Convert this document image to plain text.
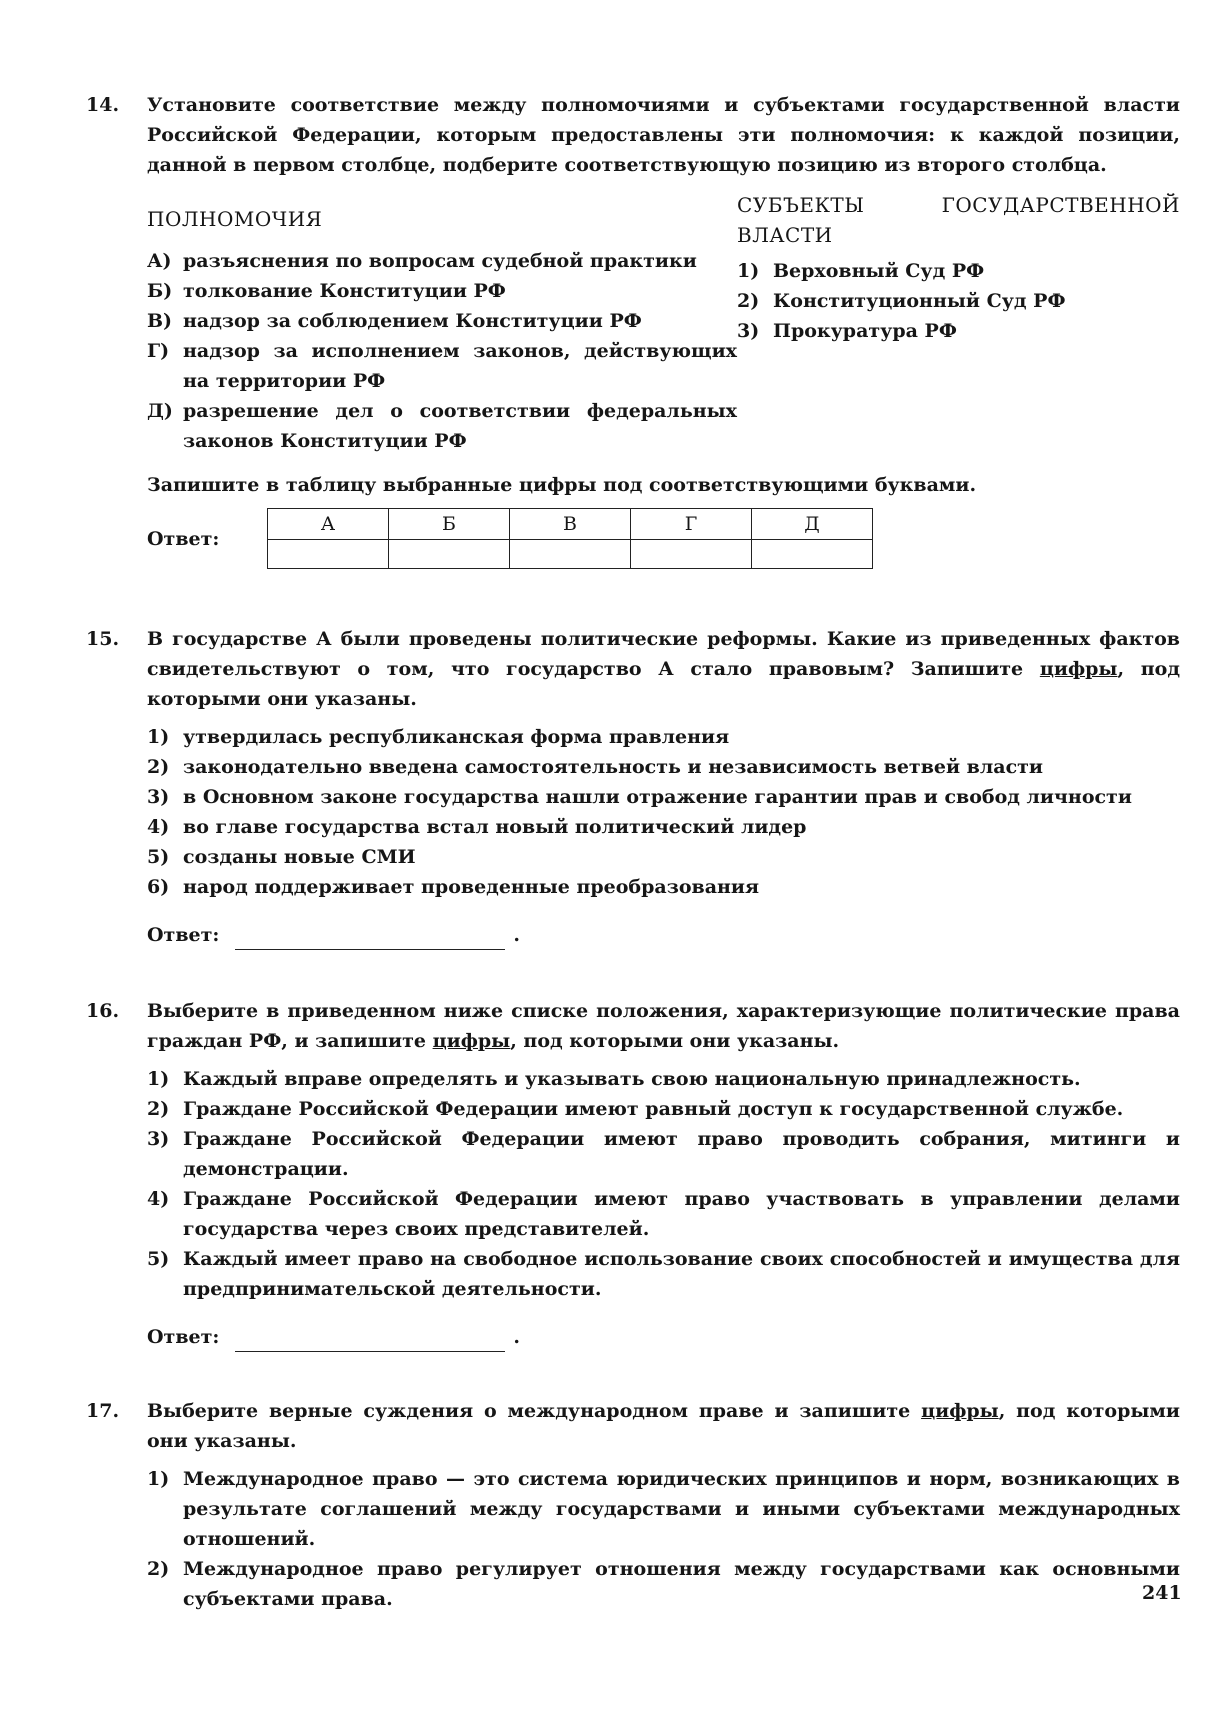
14. Установите соответствие между полномочиями и субъектами государственной власти Российской Федерации, которым предоставлены эти полномочия: к каждой позиции, данной в первом столбце, подберите соответствующую позицию из второго столбца.

ПОЛНОМОЧИЯ
А) разъяснения по вопросам судебной практики
Б) толкование Конституции РФ
В) надзор за соблюдением Конституции РФ
Г) надзор за исполнением законов, действующих на территории РФ
Д) разрешение дел о соответствии федеральных законов Конституции РФ
СУБЪЕКТЫ ГОСУДАРСТВЕННОЙ ВЛАСТИ
1) Верховный Суд РФ
2) Конституционный Суд РФ
3) Прокуратура РФ
Запишите в таблицу выбранные цифры под соответствующими буквами.
Ответ:
А	Б	В	Г	Д

15. В государстве А были проведены политические реформы. Какие из приведенных фактов свидетельствуют о том, что государство А стало правовым? Запишите цифры, под которыми они указаны.

1) утвердилась республиканская форма правления
2) законодательно введена самостоятельность и независимость ветвей власти
3) в Основном законе государства нашли отражение гарантии прав и свобод личности
4) во главе государства встал новый политический лидер
5) созданы новые СМИ
6) народ поддерживает проведенные преобразования
Ответ:	.
16. Выберите в приведенном ниже списке положения, характеризующие политические права граждан РФ, и запишите цифры, под которыми они указаны.

1) Каждый вправе определять и указывать свою национальную принадлежность.
2) Граждане Российской Федерации имеют равный доступ к государственной службе.
3) Граждане Российской Федерации имеют право проводить собрания, митинги и демонстрации.
4) Граждане Российской Федерации имеют право участвовать в управлении делами государства через своих представителей.
5) Каждый имеет право на свободное использование своих способностей и имущества для предпринимательской деятельности.
Ответ:	.
17. Выберите верные суждения о международном праве и запишите цифры, под которыми они указаны.

1) Международное право — это система юридических принципов и норм, возникающих в результате соглашений между государствами и иными субъектами международных отношений.
2) Международное право регулирует отношения между государствами как основными субъектами права.	241
